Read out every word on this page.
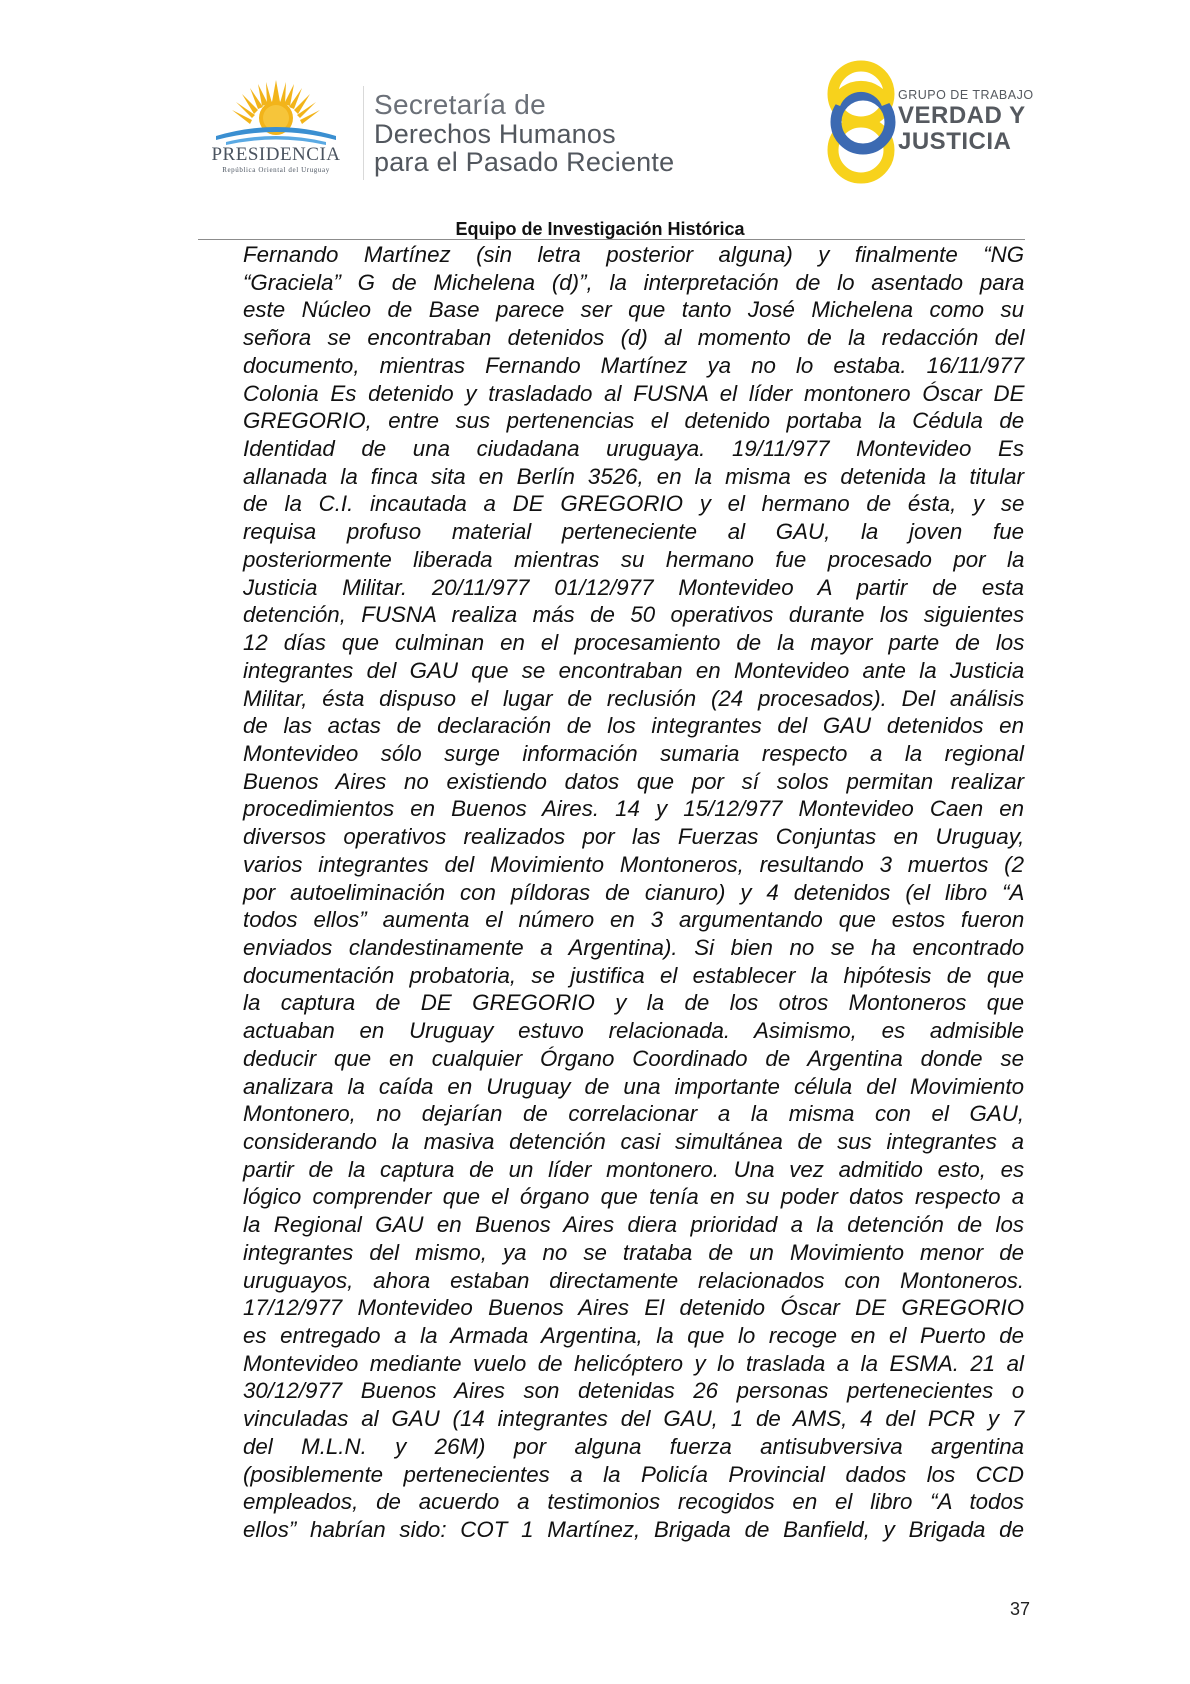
PRESIDENCIA
República Oriental del Uruguay
Secretaría de
Derechos Humanos
para el Pasado Reciente
GRUPO DE TRABAJO
VERDAD Y
JUSTICIA
Equipo de Investigación Histórica
Fernando Martínez (sin letra posterior alguna) y finalmente “NG
“Graciela” G de Michelena (d)”, la interpretación de lo asentado para
este Núcleo de Base parece ser que tanto José Michelena como su
señora se encontraban detenidos (d) al momento de la redacción del
documento, mientras Fernando Martínez ya no lo estaba. 16/11/977
Colonia Es detenido y trasladado al FUSNA el líder montonero Óscar DE
GREGORIO, entre sus pertenencias el detenido portaba la Cédula de
Identidad de una ciudadana uruguaya. 19/11/977 Montevideo Es
allanada la finca sita en Berlín 3526, en la misma es detenida la titular
de la C.I. incautada a DE GREGORIO y el hermano de ésta, y se
requisa profuso material perteneciente al GAU, la joven fue
posteriormente liberada mientras su hermano fue procesado por la
Justicia Militar. 20/11/977 01/12/977 Montevideo A partir de esta
detención, FUSNA realiza más de 50 operativos durante los siguientes
12 días que culminan en el procesamiento de la mayor parte de los
integrantes del GAU que se encontraban en Montevideo ante la Justicia
Militar, ésta dispuso el lugar de reclusión (24 procesados). Del análisis
de las actas de declaración de los integrantes del GAU detenidos en
Montevideo sólo surge información sumaria respecto a la regional
Buenos Aires no existiendo datos que por sí solos permitan realizar
procedimientos en Buenos Aires. 14 y 15/12/977 Montevideo Caen en
diversos operativos realizados por las Fuerzas Conjuntas en Uruguay,
varios integrantes del Movimiento Montoneros, resultando 3 muertos (2
por autoeliminación con píldoras de cianuro) y 4 detenidos (el libro “A
todos ellos” aumenta el número en 3 argumentando que estos fueron
enviados clandestinamente a Argentina). Si bien no se ha encontrado
documentación probatoria, se justifica el establecer la hipótesis de que
la captura de DE GREGORIO y la de los otros Montoneros que
actuaban en Uruguay estuvo relacionada. Asimismo, es admisible
deducir que en cualquier Órgano Coordinado de Argentina donde se
analizara la caída en Uruguay de una importante célula del Movimiento
Montonero, no dejarían de correlacionar a la misma con el GAU,
considerando la masiva detención casi simultánea de sus integrantes a
partir de la captura de un líder montonero. Una vez admitido esto, es
lógico comprender que el órgano que tenía en su poder datos respecto a
la Regional GAU en Buenos Aires diera prioridad a la detención de los
integrantes del mismo, ya no se trataba de un Movimiento menor de
uruguayos, ahora estaban directamente relacionados con Montoneros.
17/12/977 Montevideo Buenos Aires El detenido Óscar DE GREGORIO
es entregado a la Armada Argentina, la que lo recoge en el Puerto de
Montevideo mediante vuelo de helicóptero y lo traslada a la ESMA. 21 al
30/12/977 Buenos Aires son detenidas 26 personas pertenecientes o
vinculadas al GAU (14 integrantes del GAU, 1 de AMS, 4 del PCR y 7
del M.L.N. y 26M) por alguna fuerza antisubversiva argentina
(posiblemente pertenecientes a la Policía Provincial dados los CCD
empleados, de acuerdo a testimonios recogidos en el libro “A todos
ellos” habrían sido: COT 1 Martínez, Brigada de Banfield, y Brigada de
37
